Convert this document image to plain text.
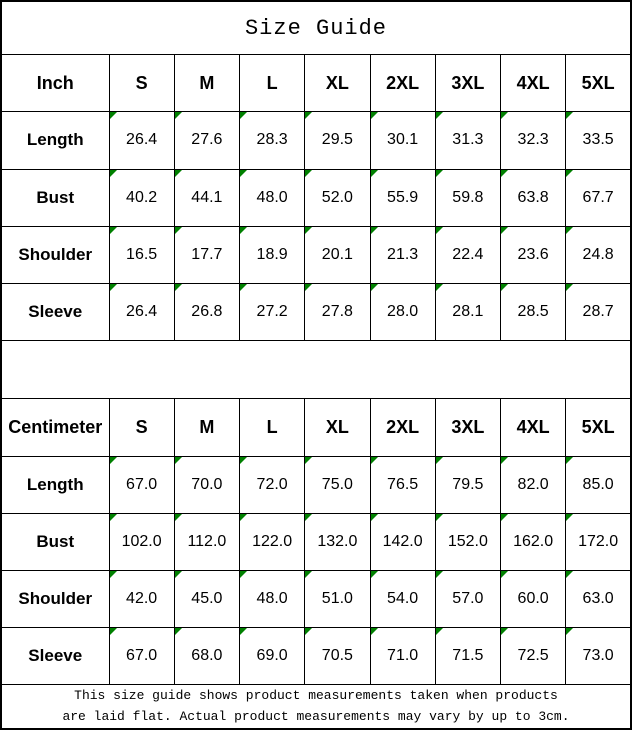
Size Guide								
Inch	S	M	L	XL	2XL	3XL	4XL	5XL
Length	26.4	27.6	28.3	29.5	30.1	31.3	32.3	33.5
Bust	40.2	44.1	48.0	52.0	55.9	59.8	63.8	67.7
Shoulder	16.5	17.7	18.9	20.1	21.3	22.4	23.6	24.8
Sleeve	26.4	26.8	27.2	27.8	28.0	28.1	28.5	28.7

Centimeter	S	M	L	XL	2XL	3XL	4XL	5XL
Length	67.0	70.0	72.0	75.0	76.5	79.5	82.0	85.0
Bust	102.0	112.0	122.0	132.0	142.0	152.0	162.0	172.0
Shoulder	42.0	45.0	48.0	51.0	54.0	57.0	60.0	63.0
Sleeve	67.0	68.0	69.0	70.5	71.0	71.5	72.5	73.0

This size guide shows product measurements taken when products
are laid flat. Actual product measurements may vary by up to 3cm.								
